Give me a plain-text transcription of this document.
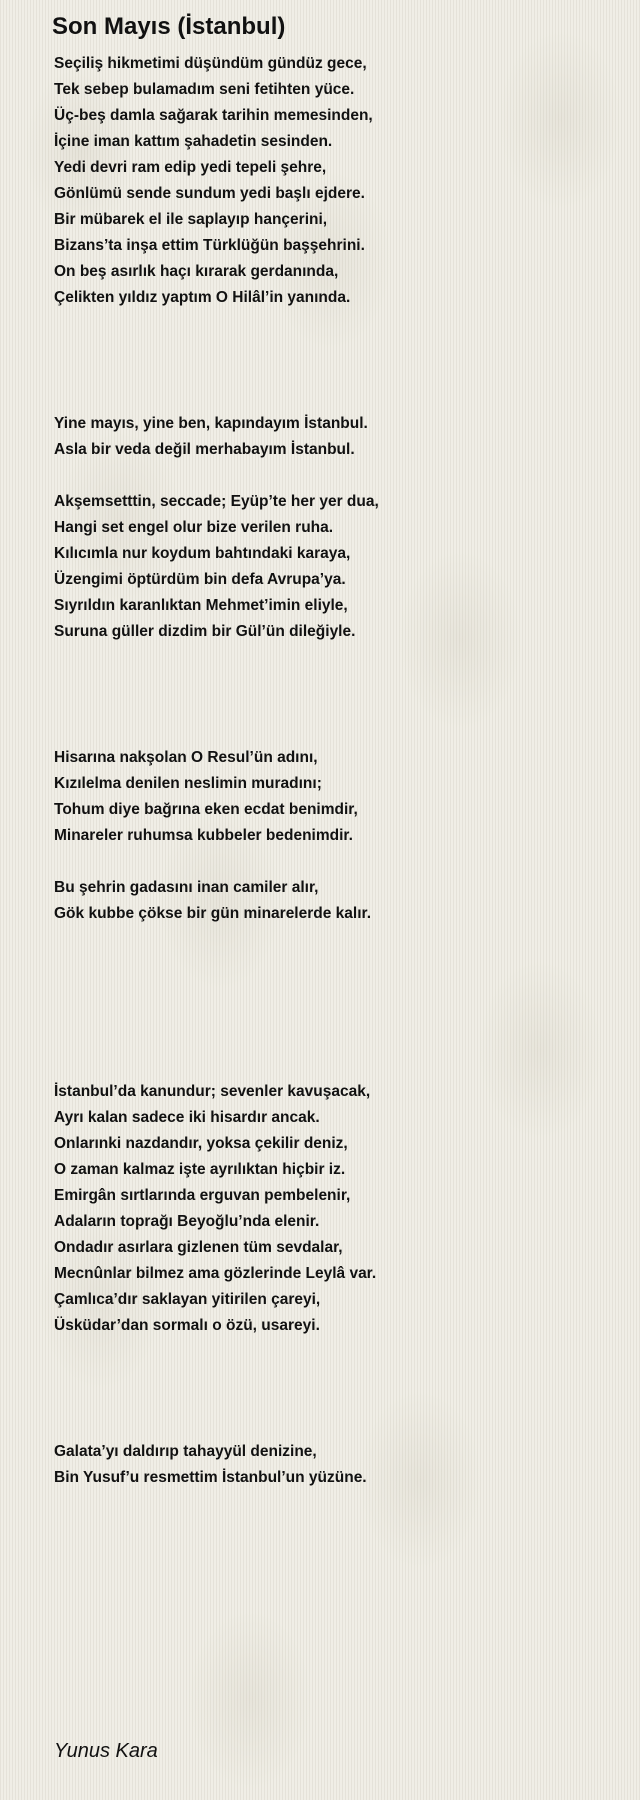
Son Mayıs (İstanbul)
Seçiliş hikmetimi düşündüm gündüz gece,
Tek sebep bulamadım seni fetihten yüce.
Üç-beş damla sağarak tarihin memesinden,
İçine iman kattım şahadetin sesinden.
Yedi devri ram edip yedi tepeli şehre,
Gönlümü sende sundum yedi başlı ejdere.
Bir mübarek el ile saplayıp hançerini,
Bizans’ta inşa ettim Türklüğün başşehrini.
On beş asırlık haçı kırarak gerdanında,
Çelikten yıldız yaptım O Hilâl’in yanında.
Yine mayıs, yine ben, kapındayım İstanbul.
Asla bir veda değil merhabayım İstanbul.
Akşemsetttin, seccade; Eyüp’te her yer dua,
Hangi set engel olur bize verilen ruha.
Kılıcımla nur koydum bahtındaki karaya,
Üzengimi öptürdüm bin defa Avrupa’ya.
Sıyrıldın karanlıktan Mehmet’imin eliyle,
Suruna güller dizdim bir Gül’ün dileğiyle.
Hisarına nakşolan O Resul’ün adını,
Kızılelma denilen neslimin muradını;
Tohum diye bağrına eken ecdat benimdir,
Minareler ruhumsa kubbeler bedenimdir.
Bu şehrin gadasını inan camiler alır,
Gök kubbe çökse bir gün minarelerde kalır.
İstanbul’da kanundur; sevenler kavuşacak,
Ayrı kalan sadece iki hisardır ancak.
Onlarınki nazdandır, yoksa çekilir deniz,
O zaman kalmaz işte ayrılıktan hiçbir iz.
Emirgân sırtlarında erguvan pembelenir,
Adaların toprağı Beyoğlu’nda elenir.
Ondadır asırlara gizlenen tüm sevdalar,
Mecnûnlar bilmez ama gözlerinde Leylâ var.
Çamlıca’dır saklayan yitirilen çareyi,
Üsküdar’dan sormalı o özü, usareyi.
Galata’yı daldırıp tahayyül denizine,
Bin Yusuf’u resmettim İstanbul’un yüzüne.
Yunus Kara
